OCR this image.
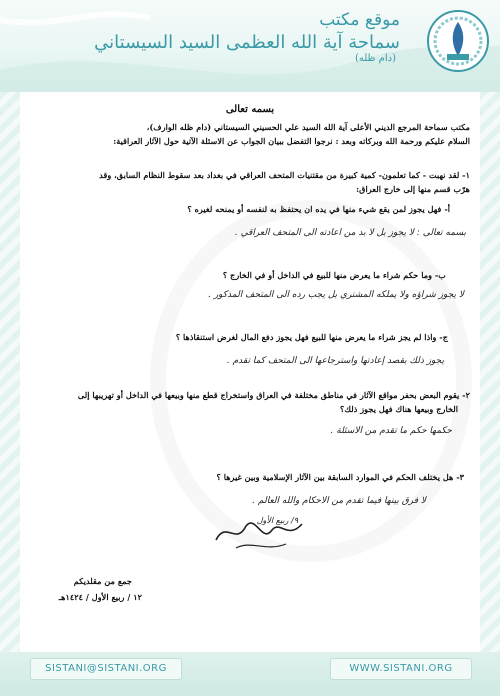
موقع مكتب
سماحة آية الله العظمى السيد السيستاني $^{(دام ظله)}$
بسمه تعالى
مكتب سماحة المرجع الديني الأعلى آية الله السيد علي الحسيني السيستاني (دام ظله الوارف)،
السلام عليكم ورحمة الله وبركاته وبعد : نرجوا التفضل ببيان الجواب عن الاسئلة الآتية حول الآثار العراقية:
١- لقد نهبت - كما تعلمون- كمية كبيرة من مقتنيات المتحف العراقي في بغداد بعد سقوط النظام السابق، وقد
هرّب قسم منها إلى خارج العراق:
أ- فهل يجوز لمن يقع شيء منها في يده ان يحتفظ به لنفسه أو يمنحه لغيره ؟
بسمه تعالى : لا يجوز بل لا بد من اعادته الى المتحف العراقي .
ب- وما حكم شراء ما يعرض منها للبيع في الداخل أو في الخارج ؟
لا يجوز شراؤه ولا يملكه المشتري بل يجب رده الى المتحف المذكور .
ج- واذا لم يجز شراء ما يعرض منها للبيع فهل يجوز دفع المال لغرض استنقاذها ؟
يجوز ذلك بقصد إعادتها واسترجاعها الى المتحف كما تقدم .
٢- يقوم البعض بحفر مواقع الآثار في مناطق مختلفة في العراق واستخراج قطع منها وبيعها في الداخل أو تهريبها إلى
الخارج وبيعها هناك فهل يجوز ذلك؟
حكمها حكم ما تقدم من الاسئلة .
٣- هل يختلف الحكم في الموارد السابقة بين الآثار الإسلامية وبين غيرها ؟
لا فرق بينها فيما تقدم من الاحكام والله العالم .
٩/ ربيع الأول
جمع من مقلديكم
١٢ / ربيع الأول / ١٤٢٤هـ
SISTANI@SISTANI.ORG	WWW.SISTANI.ORG
